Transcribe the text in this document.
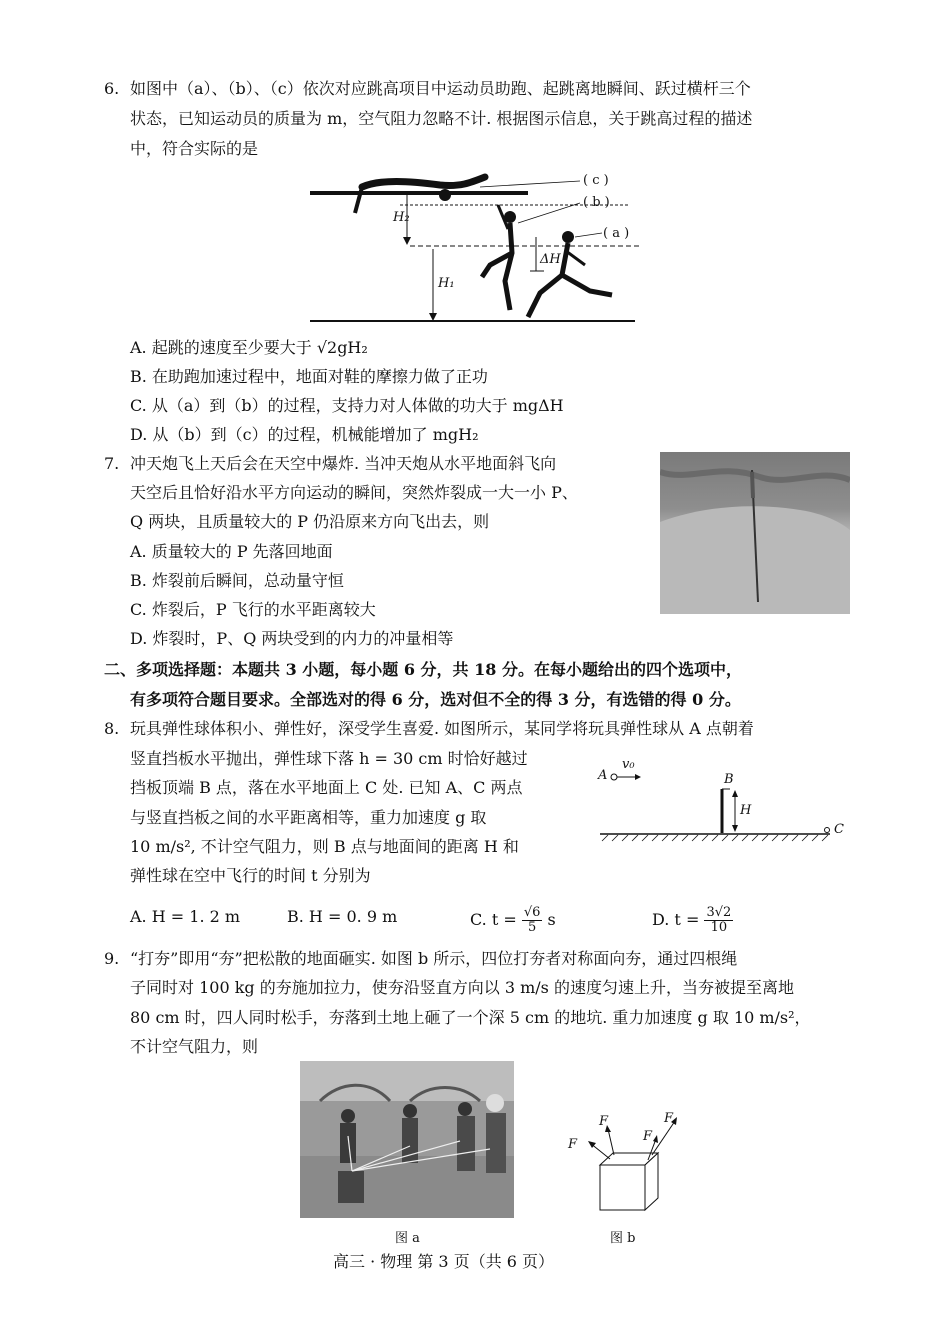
6. 如图中（a）、（b）、（c）依次对应跳高项目中运动员助跑、起跳离地瞬间、跃过横杆三个
状态，已知运动员的质量为 m，空气阻力忽略不计. 根据图示信息，关于跳高过程的描述
中，符合实际的是
( c )
( b )
( a )
H₂
H₁
ΔH
A. 起跳的速度至少要大于 √2gH₂
B. 在助跑加速过程中，地面对鞋的摩擦力做了正功
C. 从（a）到（b）的过程，支持力对人体做的功大于 mgΔH
D. 从（b）到（c）的过程，机械能增加了 mgH₂
7. 冲天炮飞上天后会在天空中爆炸. 当冲天炮从水平地面斜飞向
天空后且恰好沿水平方向运动的瞬间，突然炸裂成一大一小 P、
Q 两块，且质量较大的 P 仍沿原来方向飞出去，则
A. 质量较大的 P 先落回地面
B. 炸裂前后瞬间，总动量守恒
C. 炸裂后，P 飞行的水平距离较大
D. 炸裂时，P、Q 两块受到的内力的冲量相等
二、多项选择题：本题共 3 小题，每小题 6 分，共 18 分。在每小题给出的四个选项中，
有多项符合题目要求。全部选对的得 6 分，选对但不全的得 3 分，有选错的得 0 分。
8. 玩具弹性球体积小、弹性好，深受学生喜爱. 如图所示，某同学将玩具弹性球从 A 点朝着
竖直挡板水平抛出，弹性球下落 h = 30 cm 时恰好越过
挡板顶端 B 点，落在水平地面上 C 处. 已知 A、C 两点
与竖直挡板之间的水平距离相等，重力加速度 g 取
10 m/s², 不计空气阻力，则 B 点与地面间的距离 H 和
弹性球在空中飞行的时间 t 分别为
A
v₀
B
H
C
A. H = 1. 2 m	B. H = 0. 9 m	C. $t = \frac{√6}{5}$ s	D. $t = \frac{3√2}{10}$
9. “打夯”即用“夯”把松散的地面砸实. 如图 b 所示，四位打夯者对称面向夯，通过四根绳
子同时对 100 kg 的夯施加拉力，使夯沿竖直方向以 3 m/s 的速度匀速上升，当夯被提至离地
80 cm 时，四人同时松手，夯落到土地上砸了一个深 5 cm 的地坑. 重力加速度 g 取 10 m/s²，
不计空气阻力，则
图 a
F
F
F
F
图 b
高三 · 物理 第 3 页（共 6 页）
